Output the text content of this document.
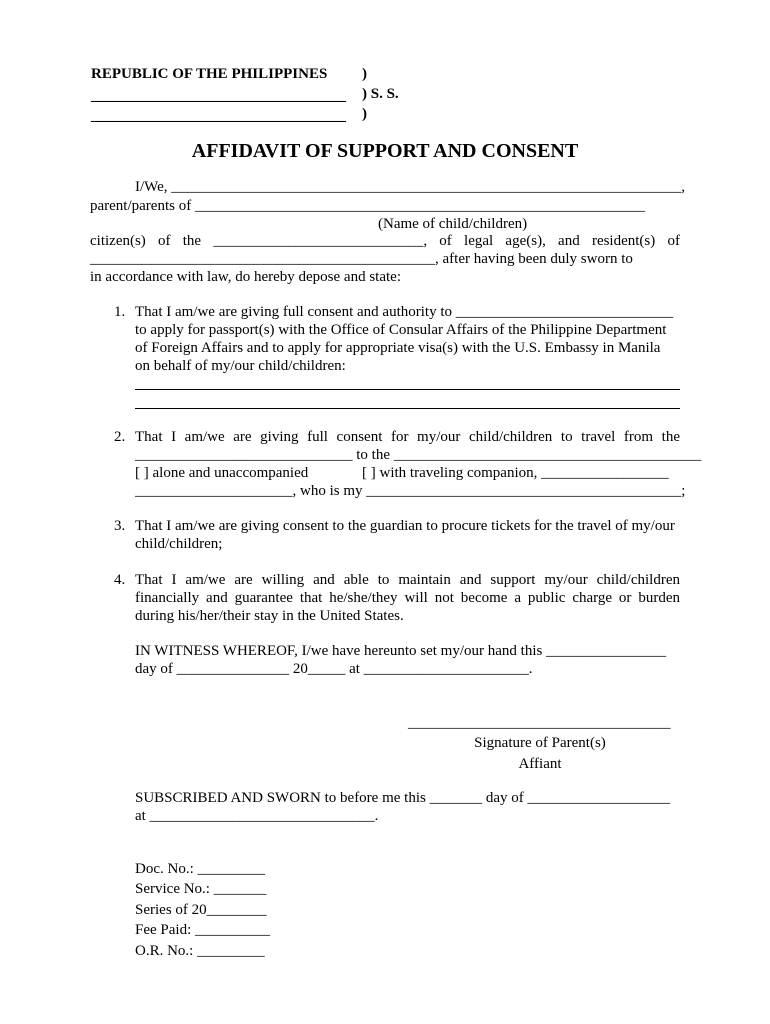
REPUBLIC OF THE PHILIPPINES
__________________________________
__________________________________
)
) S. S.
)
AFFIDAVIT OF SUPPORT AND CONSENT
I/We, ____________________________________________________________________,
parent/parents of ____________________________________________________________
(Name of child/children)
citizen(s) of the ____________________________, of legal age(s), and resident(s) of
______________________________________________, after having been duly sworn to
in accordance with law, do hereby depose and state:
1. That I am/we are giving full consent and authority to _____________________________
to apply for passport(s) with the Office of Consular Affairs of the Philippine Department
of Foreign Affairs and to apply for appropriate visa(s) with the U.S. Embassy in Manila
on behalf of my/our child/children:
2. That I am/we are giving full consent for my/our child/children to travel from the
_____________________________ to the _________________________________________
[ ] alone and unaccompanied	[ ] with traveling companion, _________________
_____________________, who is my __________________________________________;
3. That I am/we are giving consent to the guardian to procure tickets for the travel of my/our
child/children;
4. That I am/we are willing and able to maintain and support my/our child/children
financially and guarantee that he/she/they will not become a public charge or burden
during his/her/their stay in the United States.
IN WITNESS WHEREOF, I/we have hereunto set my/our hand this ________________
day of _______________ 20_____ at ______________________.
___________________________________
Signature of Parent(s)
Affiant
SUBSCRIBED AND SWORN to before me this _______ day of ___________________
at ______________________________.
Doc. No.: _________
Service No.: _______
Series of 20________
Fee Paid: __________
O.R. No.: _________
